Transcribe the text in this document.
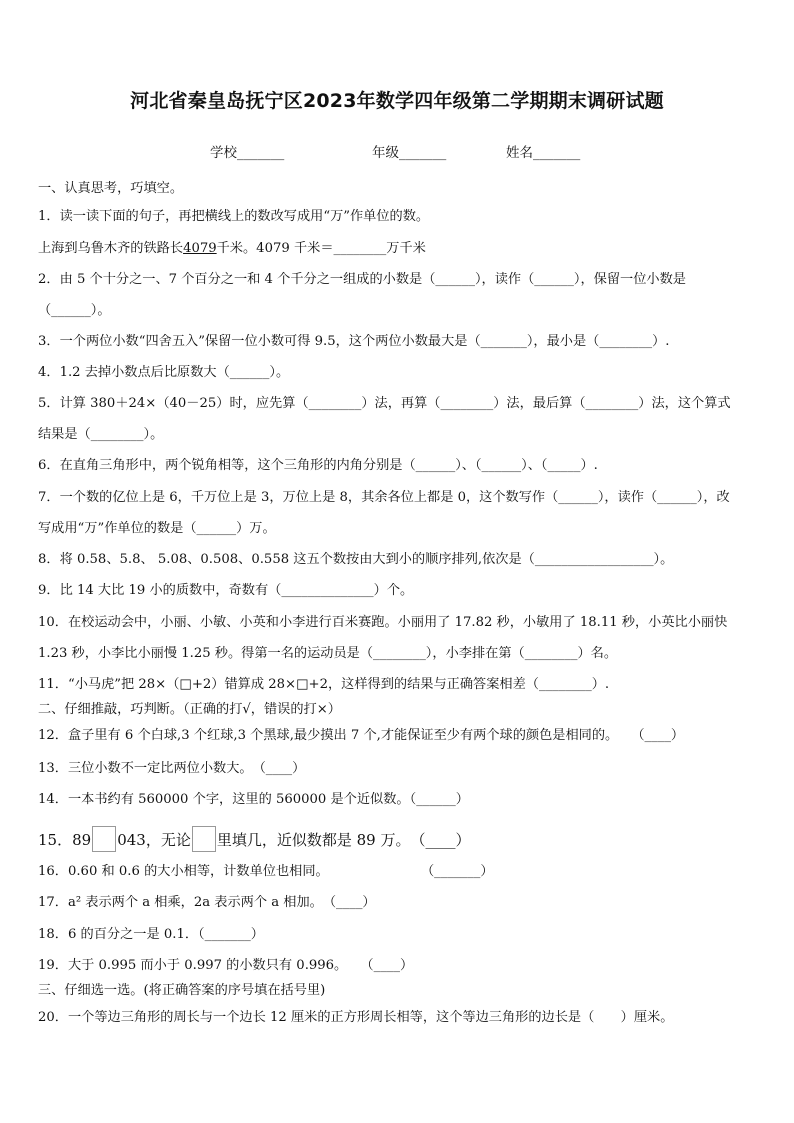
河北省秦皇岛抚宁区2023年数学四年级第二学期期末调研试题
学校_______	年级_______	姓名_______
一、认真思考，巧填空。
1．读一读下面的句子，再把横线上的数改写成用“万”作单位的数。
上海到乌鲁木齐的铁路长4079千米。4079 千米＝________万千米
2．由 5 个十分之一、7 个百分之一和 4 个千分之一组成的小数是（______），读作（______），保留一位小数是
（______）。
3．一个两位小数“四舍五入”保留一位小数可得 9.5，这个两位小数最大是（_______），最小是（________）.
4．1.2 去掉小数点后比原数大（______）。
5．计算 380＋24×（40－25）时，应先算（________）法，再算（________）法，最后算（________）法，这个算式
结果是（________）。
6．在直角三角形中，两个锐角相等，这个三角形的内角分别是（______）、（______）、（_____）.
7．一个数的亿位上是 6，千万位上是 3，万位上是 8，其余各位上都是 0，这个数写作（______），读作（______），改
写成用“万”作单位的数是（______）万。
8．将 0.58、5.8、 5.08、0.508、0.558 这五个数按由大到小的顺序排列,依次是（__________________）。
9．比 14 大比 19 小的质数中，奇数有（______________）个。
10．在校运动会中，小丽、小敏、小英和小李进行百米赛跑。小丽用了 17.82 秒，小敏用了 18.11 秒，小英比小丽快
1.23 秒，小李比小丽慢 1.25 秒。得第一名的运动员是（________），小李排在第（________）名。
11．“小马虎”把 28×（□+2）错算成 28×□+2，这样得到的结果与正确答案相差（________）.
二、仔细推敲，巧判断。（正确的打√，错误的打×）
12．盒子里有 6 个白球,3 个红球,3 个黑球,最少摸出 7 个,才能保证至少有两个球的颜色是相同的。　　（____）
13．三位小数不一定比两位小数大。　（____）
14．一本书约有 560000 个字，这里的 560000 是个近似数。（______）
15．89 043，无论 里填几，近似数都是 89 万。　（____）
16．0.60 和 0.6 的大小相等，计数单位也相同。　　　　　　　　（_______）
17．a² 表示两个 a 相乘，2a 表示两个 a 相加。　（____）
18．6 的百分之一是 0.1．（_______）
19．大于 0.995 而小于 0.997 的小数只有 0.996。　　（____）
三、仔细选一选。(将正确答案的序号填在括号里)
20．一个等边三角形的周长与一个边长 12 厘米的正方形周长相等，这个等边三角形的边长是（　　）厘米。
